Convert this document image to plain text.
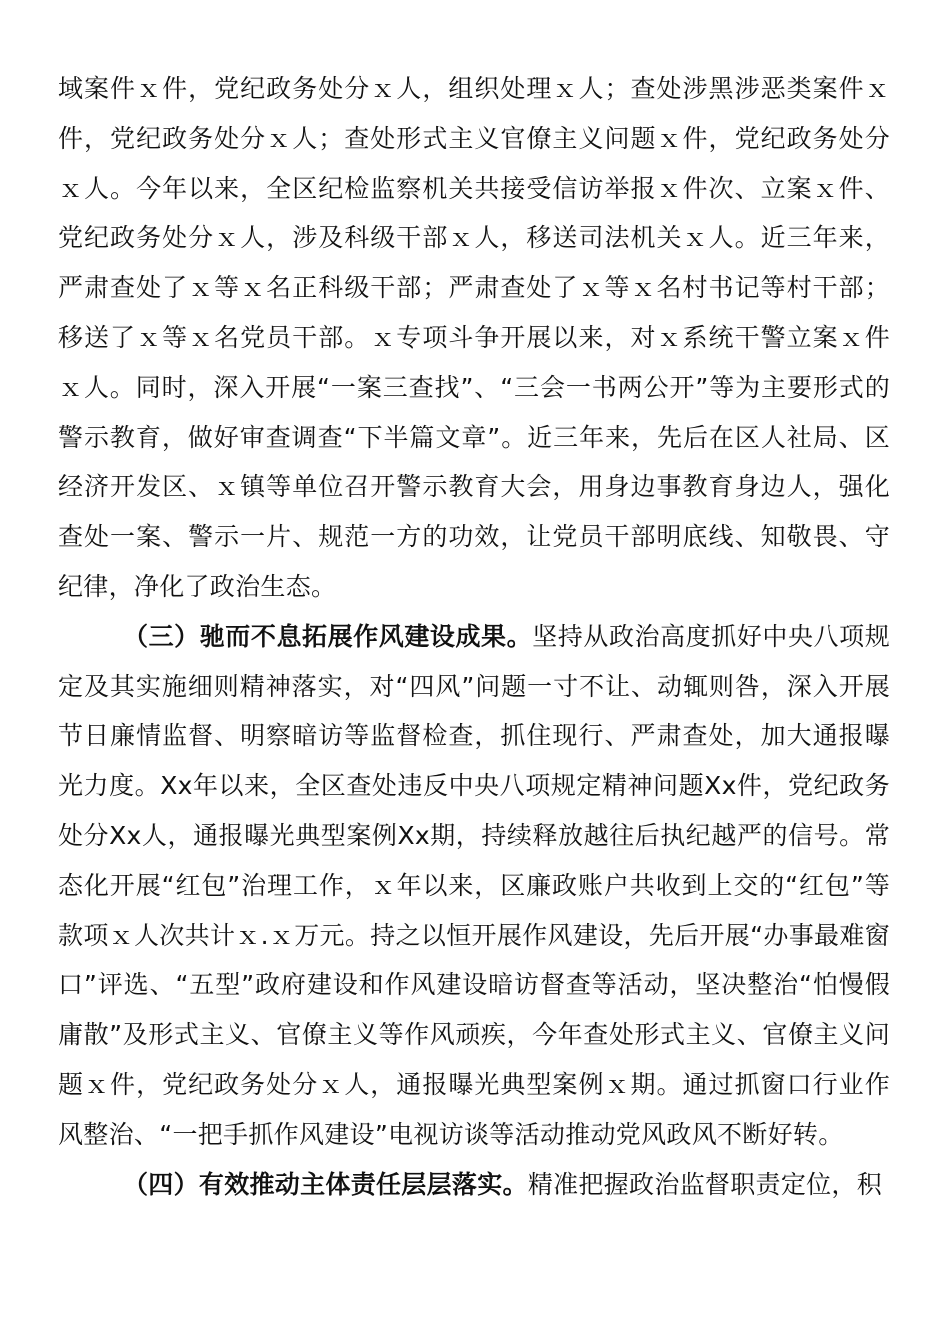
域案件ｘ件，党纪政务处分ｘ人，组织处理ｘ人；查处涉黑涉恶类案件ｘ件，党纪政务处分ｘ人；查处形式主义官僚主义问题ｘ件，党纪政务处分ｘ人。今年以来，全区纪检监察机关共接受信访举报ｘ件次、立案ｘ件、党纪政务处分ｘ人，涉及科级干部ｘ人，移送司法机关ｘ人。近三年来，严肃查处了ｘ等ｘ名正科级干部；严肃查处了ｘ等ｘ名村书记等村干部；移送了ｘ等ｘ名党员干部。ｘ专项斗争开展以来，对ｘ系统干警立案ｘ件ｘ人。同时，深入开展“一案三查找”、“三会一书两公开”等为主要形式的警示教育，做好审查调查“下半篇文章”。近三年来，先后在区人社局、区经济开发区、ｘ镇等单位召开警示教育大会，用身边事教育身边人，强化查处一案、警示一片、规范一方的功效，让党员干部明底线、知敬畏、守纪律，净化了政治生态。

（三）驰而不息拓展作风建设成果。坚持从政治高度抓好中央八项规定及其实施细则精神落实，对“四风”问题一寸不让、动辄则咎，深入开展节日廉情监督、明察暗访等监督检查，抓住现行、严肃查处，加大通报曝光力度。Xx年以来，全区查处违反中央八项规定精神问题Xx件，党纪政务处分Xx人，通报曝光典型案例Xx期，持续释放越往后执纪越严的信号。常态化开展“红包”治理工作，ｘ年以来，区廉政账户共收到上交的“红包”等款项ｘ人次共计ｘ.ｘ万元。持之以恒开展作风建设，先后开展“办事最难窗口”评选、“五型”政府建设和作风建设暗访督查等活动，坚决整治“怕慢假庸散”及形式主义、官僚主义等作风顽疾，今年查处形式主义、官僚主义问题ｘ件，党纪政务处分ｘ人，通报曝光典型案例ｘ期。通过抓窗口行业作风整治、“一把手抓作风建设”电视访谈等活动推动党风政风不断好转。

（四）有效推动主体责任层层落实。精准把握政治监督职责定位，积
